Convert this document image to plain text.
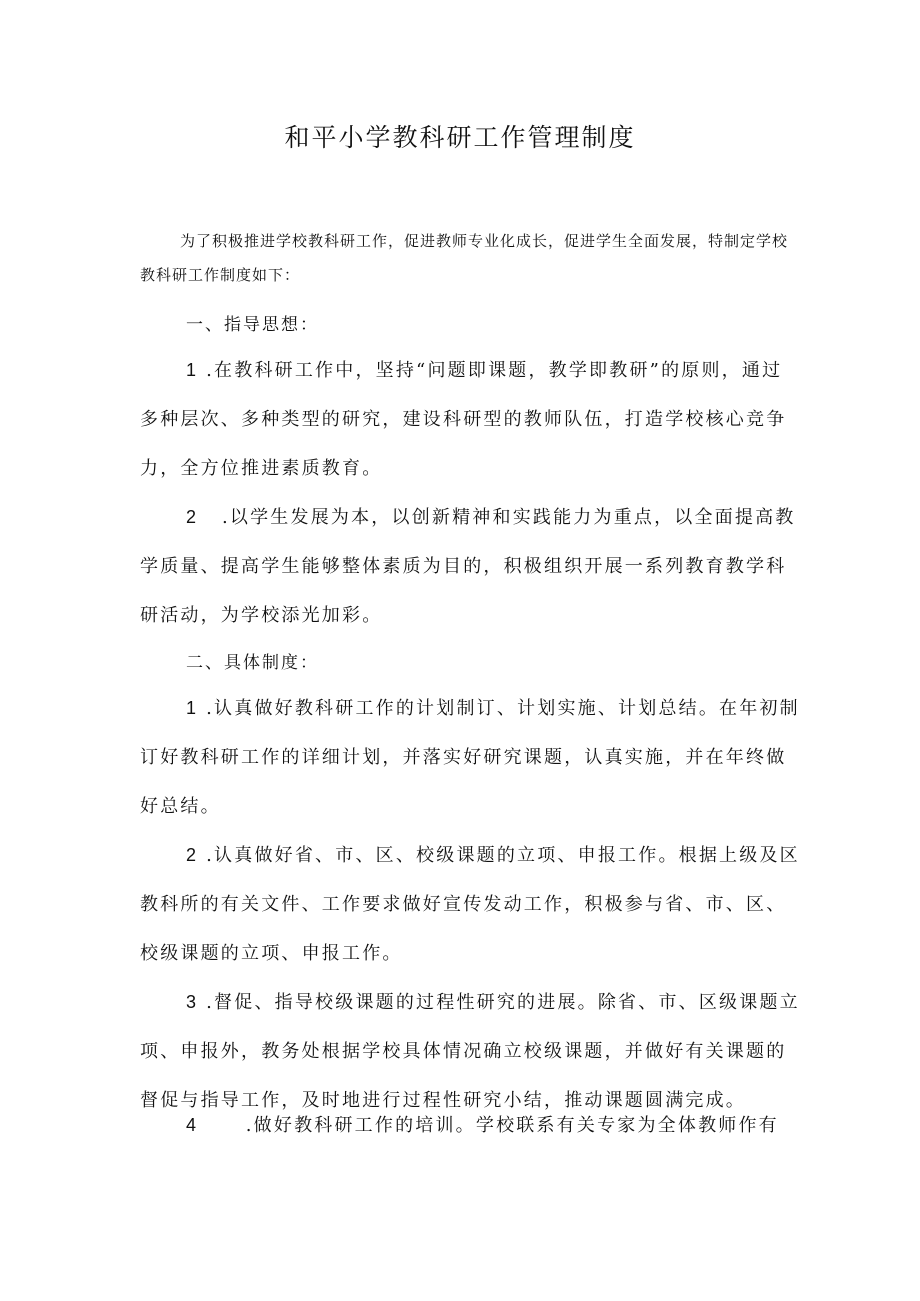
和平小学教科研工作管理制度

为了积极推进学校教科研工作，促进教师专业化成长，促进学生全面发展，特制定学校教科研工作制度如下：

一、指导思想：

1 .在教科研工作中，坚持“问题即课题，教学即教研”的原则，通过多种层次、多种类型的研究，建设科研型的教师队伍，打造学校核心竞争力，全方位推进素质教育。

2 .以学生发展为本，以创新精神和实践能力为重点，以全面提高教学质量、提高学生能够整体素质为目的，积极组织开展一系列教育教学科研活动，为学校添光加彩。

二、具体制度：

1 .认真做好教科研工作的计划制订、计划实施、计划总结。在年初制订好教科研工作的详细计划，并落实好研究课题，认真实施，并在年终做好总结。

2 .认真做好省、市、区、校级课题的立项、申报工作。根据上级及区教科所的有关文件、工作要求做好宣传发动工作，积极参与省、市、区、校级课题的立项、申报工作。

3 .督促、指导校级课题的过程性研究的进展。除省、市、区级课题立项、申报外，教务处根据学校具体情况确立校级课题，并做好有关课题的督促与指导工作，及时地进行过程性研究小结，推动课题圆满完成。

4	.做好教科研工作的培训。学校联系有关专家为全体教师作有
